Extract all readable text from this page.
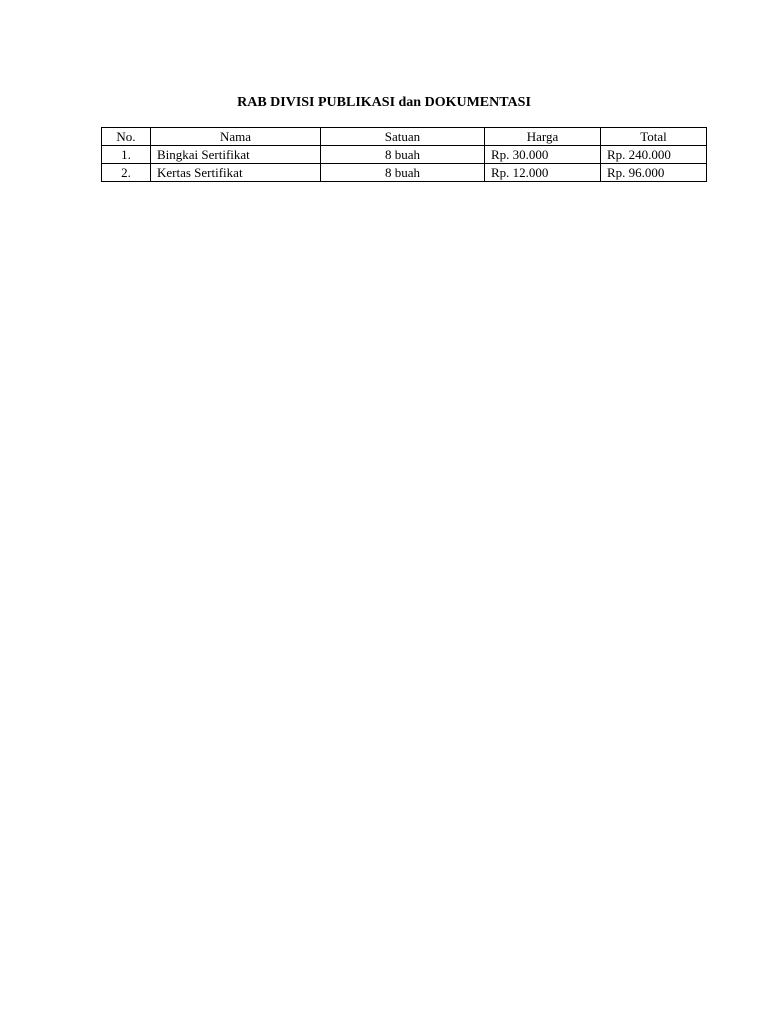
RAB DIVISI PUBLIKASI dan DOKUMENTASI
No.	Nama	Satuan	Harga	Total
1.	Bingkai Sertifikat	8 buah	Rp. 30.000	Rp. 240.000
2.	Kertas Sertifikat	8 buah	Rp. 12.000	Rp. 96.000
